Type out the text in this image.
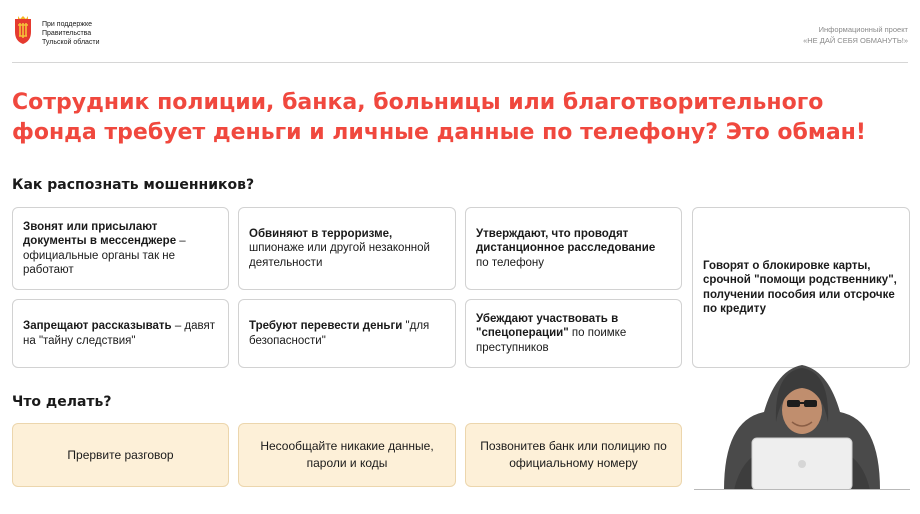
При поддержке
Правительства
Тульской области
Информационный проект
«НЕ ДАЙ СЕБЯ ОБМАНУТЬ!»
Сотрудник полиции, банка, больницы или благотворительного
фонда требует деньги и личные данные по телефону? Это обман!
Как распознать мошенников?
Звонят или присылают документы в мессенджере – официальные органы так не работают
Обвиняют в терроризме, шпионаже или другой незаконной деятельности
Утверждают, что проводят дистанционное расследование по телефону	Говорят о блокировке карты, срочной "помощи родственнику", получении пособия или отсрочке по кредиту
Запрещают рассказывать – давят на "тайну следствия"
Требуют перевести деньги "для безопасности"
Убеждают участвовать в "спецоперации" по поимке преступников
Что делать?
Прервите разговор
Несообщайте никакие данные, пароли и коды
Позвонитев банк или полицию по официальному номеру
